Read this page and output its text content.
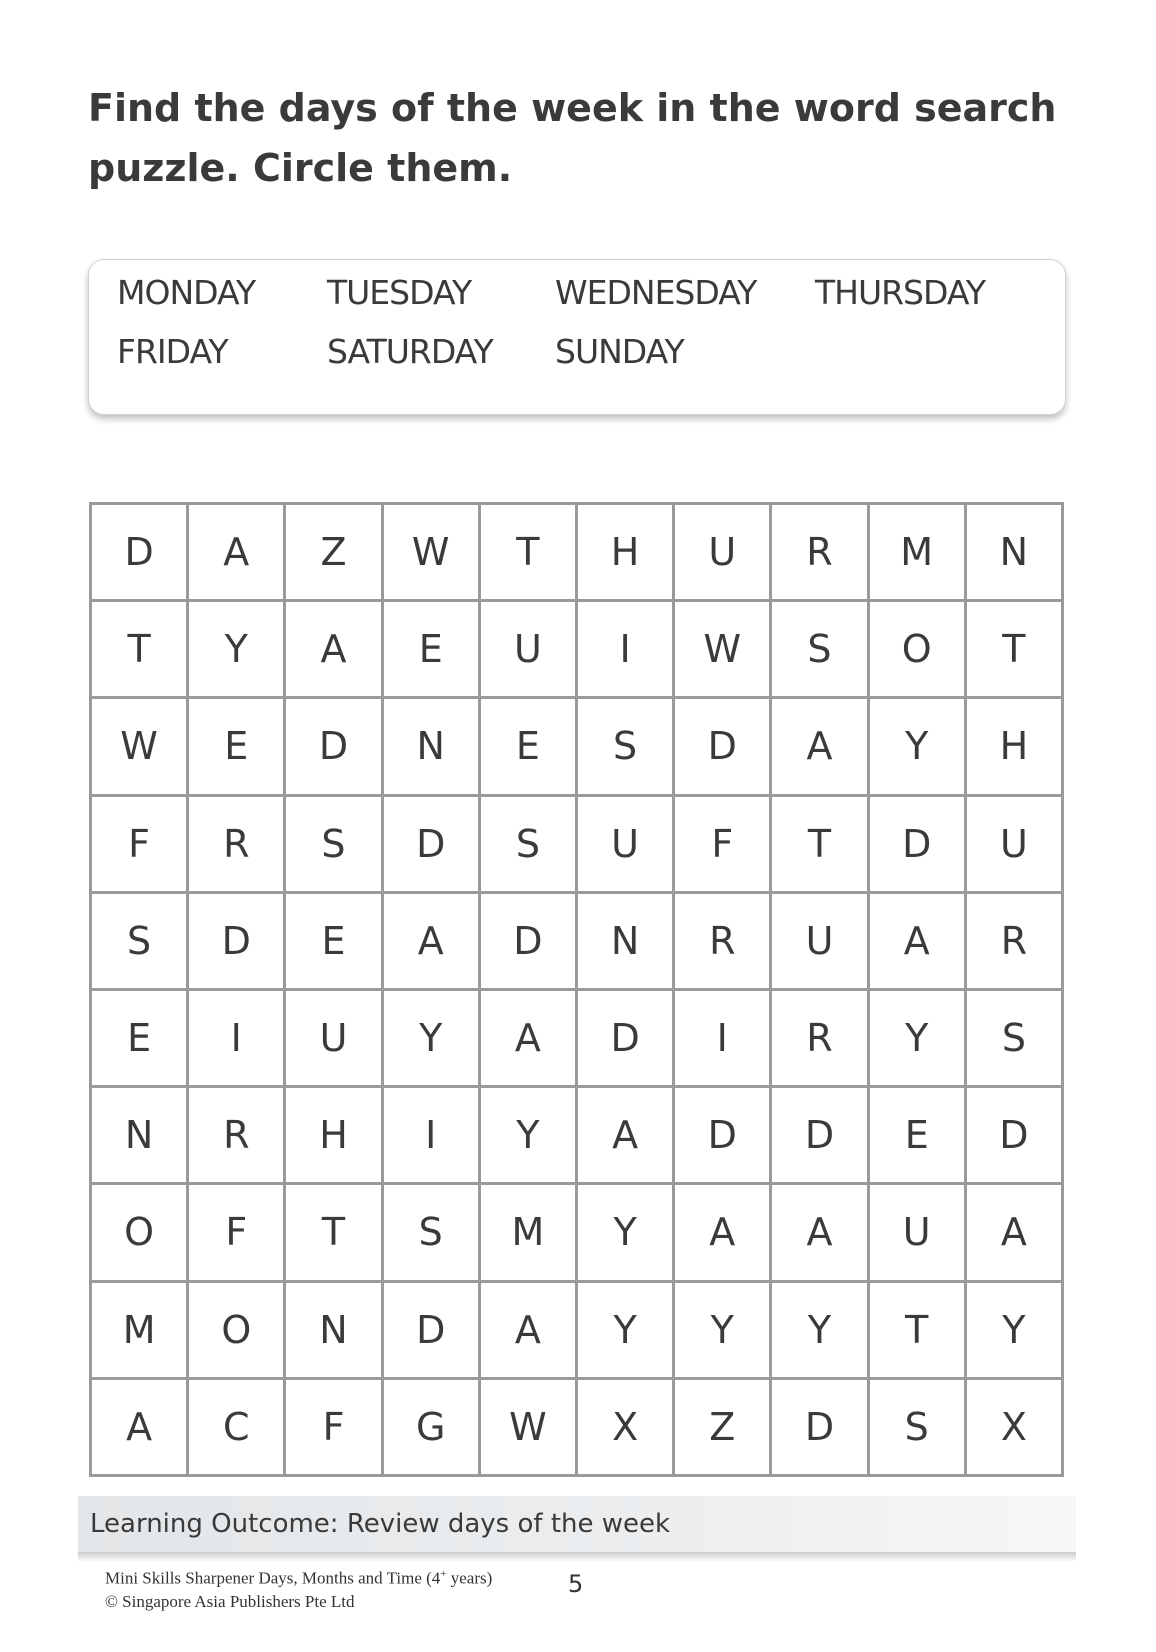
Find the days of the week in the word search
puzzle. Circle them.
MONDAY TUESDAY	WEDNESDAY THURSDAY
FRIDAY	SATURDAY SUNDAY
D	A	Z	W	T	H	U	R	M	N
T	Y	A	E	U	I	W	S	O	T
W	E	D	N	E	S	D	A	Y	H
F	R	S	D	S	U	F	T	D	U
S	D	E	A	D	N	R	U	A	R
E	I	U	Y	A	D	I	R	Y	S
N	R	H	I	Y	A	D	D	E	D
O	F	T	S	M	Y	A	A	U	A
M	O	N	D	A	Y	Y	Y	T	Y
A	C	F	G	W	X	Z	D	S	X
Learning Outcome: Review days of the week
Mini Skills Sharpener Days, Months and Time (4+ years)
© Singapore Asia Publishers Pte Ltd
5
